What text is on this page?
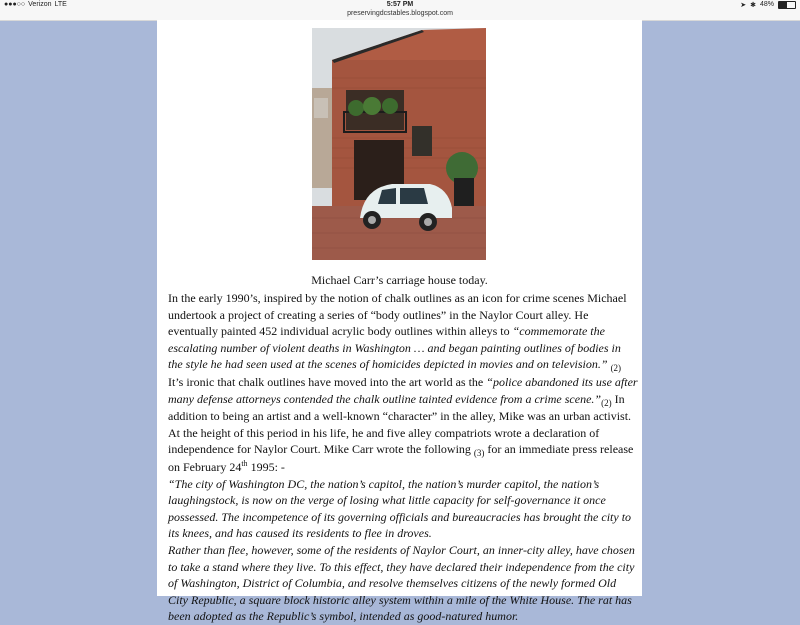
●●●○○ Verizon LTE	5:57 PM
preservingdcstables.blogspot.com
➤ ✱ 48%
Michael Carr’s carriage house today.

In the early 1990’s, inspired by the notion of chalk outlines as an icon for crime scenes Michael undertook a project of creating a series of “body outlines” in the Naylor Court alley. He eventually painted 452 individual acrylic body outlines within alleys to “commemorate the escalating number of violent deaths in Washington … and began painting outlines of bodies in the style he had seen used at the scenes of homicides depicted in movies and on television.” $_{(2)}$ It’s ironic that chalk outlines have moved into the art world as the “police abandoned its use after many defense attorneys contended the chalk outline tainted evidence from a crime $scene.”_{(2)}$ In addition to being an artist and a well-known “character” in the alley, Mike was an urban activist. At the height of this period in his life, he and five alley compatriots wrote a declaration of independence for Naylor Court. Mike Carr wrote the following $_{(3)}$ for an immediate press release on February 24th 1995: -

“The city of Washington DC, the nation’s capitol, the nation’s murder capitol, the nation’s laughingstock, is now on the verge of losing what little capacity for self-governance it once possessed. The incompetence of its governing officials and bureaucracies has brought the city to its knees, and has caused its residents to flee in droves.

Rather than flee, however, some of the residents of Naylor Court, an inner-city alley, have chosen to take a stand where they live. To this effect, they have declared their independence from the city of Washington, District of Columbia, and resolve themselves citizens of the newly formed Old City Republic, a square block historic alley system within a mile of the White House. The rat has been adopted as the Republic’s symbol, intended as good-natured humor.
